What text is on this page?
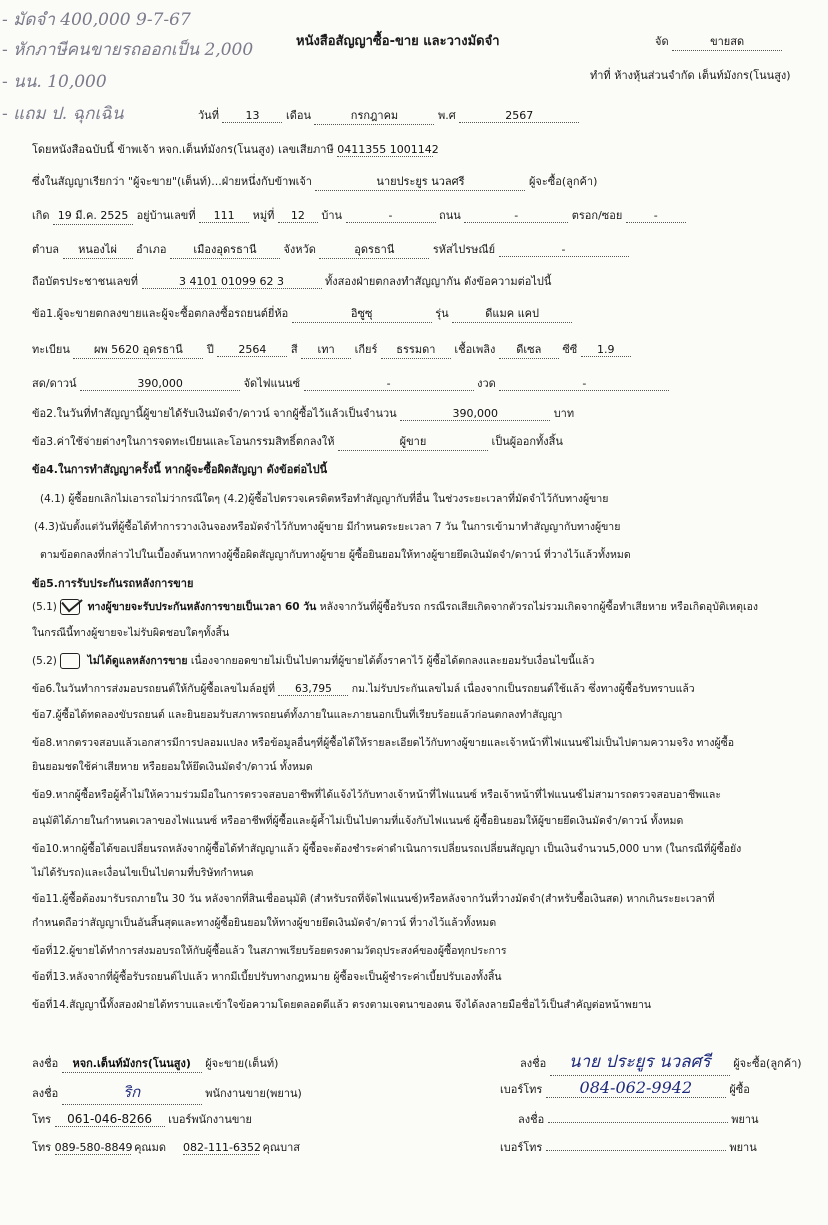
- มัดจำ 400,000 9-7-67
- หักภาษีคนขายรถออกเป็น 2,000
- นน. 10,000
- แถม ป. ฉุกเฉิน
หนังสือสัญญาซื้อ-ขาย และวางมัดจำ	จัด	ขายสด
ทำที่ ห้างหุ้นส่วนจำกัด เต็นท์มังกร(โนนสูง)
วันที่ 13 เดือน	กรกฎาคม	พ.ศ	2567
โดยหนังสือฉบับนี้ ข้าพเจ้า หจก.เต็นท์มังกร(โนนสูง) เลขเสียภาษี 0411355 1001142
ซึ่งในสัญญาเรียกว่า "ผู้จะขาย"(เต็นท์)...ฝ่ายหนึ่งกับข้าพเจ้า	นายประยูร นวลศรี	ผู้จะซื้อ(ลูกค้า)
เกิด 19 มี.ค. 2525 อยู่บ้านเลขที่ 111 หมู่ที่ 12 บ้าน	-	ถนน	-	ตรอก/ซอย	-
ตำบล หนองไผ่ อำเภอ เมืองอุดรธานี จังหวัด	อุดรธานี	รหัสไปรษณีย์	-
ถือบัตรประชาชนเลขที่	3 4101 01099 62 3	ทั้งสองฝ่ายตกลงทำสัญญากัน ดังข้อความต่อไปนี้
ข้อ1.ผู้จะขายตกลงขายและผู้จะซื้อตกลงซื้อรถยนต์ยี่ห้อ	อิซูซุ	รุ่น	ดีแมค แคป
ทะเบียน ผพ 5620 อุดรธานี ปี 2564 สี เทา เกียร์ ธรรมดา เชื้อเพลิง ดีเซล ซีซี 1.9
สด/ดาวน์	390,000	จัดไฟแนนซ์	-	งวด	-
ข้อ2.ในวันที่ทำสัญญานี้ผู้ขายได้รับเงินมัดจำ/ดาวน์ จากผู้ซื้อไว้แล้วเป็นจำนวน	390,000	บาท
ข้อ3.ค่าใช้จ่ายต่างๆในการจดทะเบียนและโอนกรรมสิทธิ์ตกลงให้	ผู้ขาย	เป็นผู้ออกทั้งสิ้น
ข้อ4.ในการทำสัญญาครั้งนี้ หากผู้จะซื้อผิดสัญญา ดังข้อต่อไปนี้
(4.1) ผู้ซื้อยกเลิกไม่เอารถไม่ว่ากรณีใดๆ (4.2)ผู้ซื้อไปตรวจเครดิตหรือทำสัญญากับที่อื่น ในช่วงระยะเวลาที่มัดจำไว้กับทางผู้ขาย
(4.3)นับตั้งแต่วันที่ผู้ซื้อได้ทำการวางเงินจองหรือมัดจำไว้กับทางผู้ขาย มีกำหนดระยะเวลา 7 วัน ในการเข้ามาทำสัญญากับทางผู้ขาย
ตามข้อตกลงที่กล่าวไปในเบื้องต้นหากทางผู้ซื้อผิดสัญญากับทางผู้ขาย ผู้ซื้อยินยอมให้ทางผู้ขายยึดเงินมัดจำ/ดาวน์ ที่วางไว้แล้วทั้งหมด
ข้อ5.การรับประกันรถหลังการขาย
(5.1)	ทางผู้ขายจะรับประกันหลังการขายเป็นเวลา 60 วัน หลังจากวันที่ผู้ซื้อรับรถ กรณีรถเสียเกิดจากตัวรถไม่รวมเกิดจากผู้ซื้อทำเสียหาย หรือเกิดอุบัติเหตุเอง
ในกรณีนี้ทางผู้ขายจะไม่รับผิดชอบใดๆทั้งสิ้น
(5.2)	ไม่ได้ดูแลหลังการขาย เนื่องจากยอดขายไม่เป็นไปตามที่ผู้ขายได้ตั้งราคาไว้ ผู้ซื้อได้ตกลงและยอมรับเงื่อนไขนี้แล้ว
ข้อ6.ในวันทำการส่งมอบรถยนต์ให้กับผู้ซื้อเลขไมล์อยู่ที่ 63,795 กม.ไม่รับประกันเลขไมล์ เนื่องจากเป็นรถยนต์ใช้แล้ว ซึ่งทางผู้ซื้อรับทราบแล้ว
ข้อ7.ผู้ซื้อได้ทดลองขับรถยนต์ และยินยอมรับสภาพรถยนต์ทั้งภายในและภายนอกเป็นที่เรียบร้อยแล้วก่อนตกลงทำสัญญา
ข้อ8.หากตรวจสอบแล้วเอกสารมีการปลอมแปลง หรือข้อมูลอื่นๆที่ผู้ซื้อได้ให้รายละเอียดไว้กับทางผู้ขายและเจ้าหน้าที่ไฟแนนซ์ไม่เป็นไปตามความจริง ทางผู้ซื้อ
ยินยอมชดใช้ค่าเสียหาย หรือยอมให้ยึดเงินมัดจำ/ดาวน์ ทั้งหมด
ข้อ9.หากผู้ซื้อหรือผู้ค้ำไม่ให้ความร่วมมือในการตรวจสอบอาชีพที่ได้แจ้งไว้กับทางเจ้าหน้าที่ไฟแนนซ์ หรือเจ้าหน้าที่ไฟแนนซ์ไม่สามารถตรวจสอบอาชีพและ
อนุมัติได้ภายในกำหนดเวลาของไฟแนนซ์ หรืออาชีพที่ผู้ซื้อและผู้ค้ำไม่เป็นไปตามที่แจ้งกับไฟแนนซ์ ผู้ซื้อยินยอมให้ผู้ขายยึดเงินมัดจำ/ดาวน์ ทั้งหมด
ข้อ10.หากผู้ซื้อได้ขอเปลี่ยนรถหลังจากผู้ซื้อได้ทำสัญญาแล้ว ผู้ซื้อจะต้องชำระค่าดำเนินการเปลี่ยนรถเปลี่ยนสัญญา เป็นเงินจำนวน5,000 บาท (ในกรณีที่ผู้ซื้อยัง
ไม่ได้รับรถ)และเงื่อนไขเป็นไปตามที่บริษัทกำหนด
ข้อ11.ผู้ซื้อต้องมารับรถภายใน 30 วัน หลังจากที่สินเชื่ออนุมัติ (สำหรับรถที่จัดไฟแนนซ์)หรือหลังจากวันที่วางมัดจำ(สำหรับซื้อเงินสด) หากเกินระยะเวลาที่
กำหนดถือว่าสัญญาเป็นอันสิ้นสุดและทางผู้ซื้อยินยอมให้ทางผู้ขายยึดเงินมัดจำ/ดาวน์ ที่วางไว้แล้วทั้งหมด
ข้อที่12.ผู้ขายได้ทำการส่งมอบรถให้กับผู้ซื้อแล้ว ในสภาพเรียบร้อยตรงตามวัตถุประสงค์ของผู้ซื้อทุกประการ
ข้อที่13.หลังจากที่ผู้ซื้อรับรถยนต์ไปแล้ว หากมีเบี้ยปรับทางกฎหมาย ผู้ซื้อจะเป็นผู้ชำระค่าเบี้ยปรับเองทั้งสิ้น
ข้อที่14.สัญญานี้ทั้งสองฝ่ายได้ทราบและเข้าใจข้อความโดยตลอดดีแล้ว ตรงตามเจตนาของตน จึงได้ลงลายมือชื่อไว้เป็นสำคัญต่อหน้าพยาน
ลงชื่อ หจก.เต็นท์มังกร(โนนสูง) ผู้จะขาย(เต็นท์)
ลงชื่อ	ริก	พนักงานขาย(พยาน)
โทร 061-046-8266 เบอร์พนักงานขาย
โทร 089-580-8849 คุณมด 082-111-6352 คุณบาส
ลงชื่อ นาย ประยูร นวลศรี ผู้จะซื้อ(ลูกค้า)
เบอร์โทร 084-062-9942	ผู้ซื้อ
ลงชื่อ	พยาน
เบอร์โทร	พยาน
